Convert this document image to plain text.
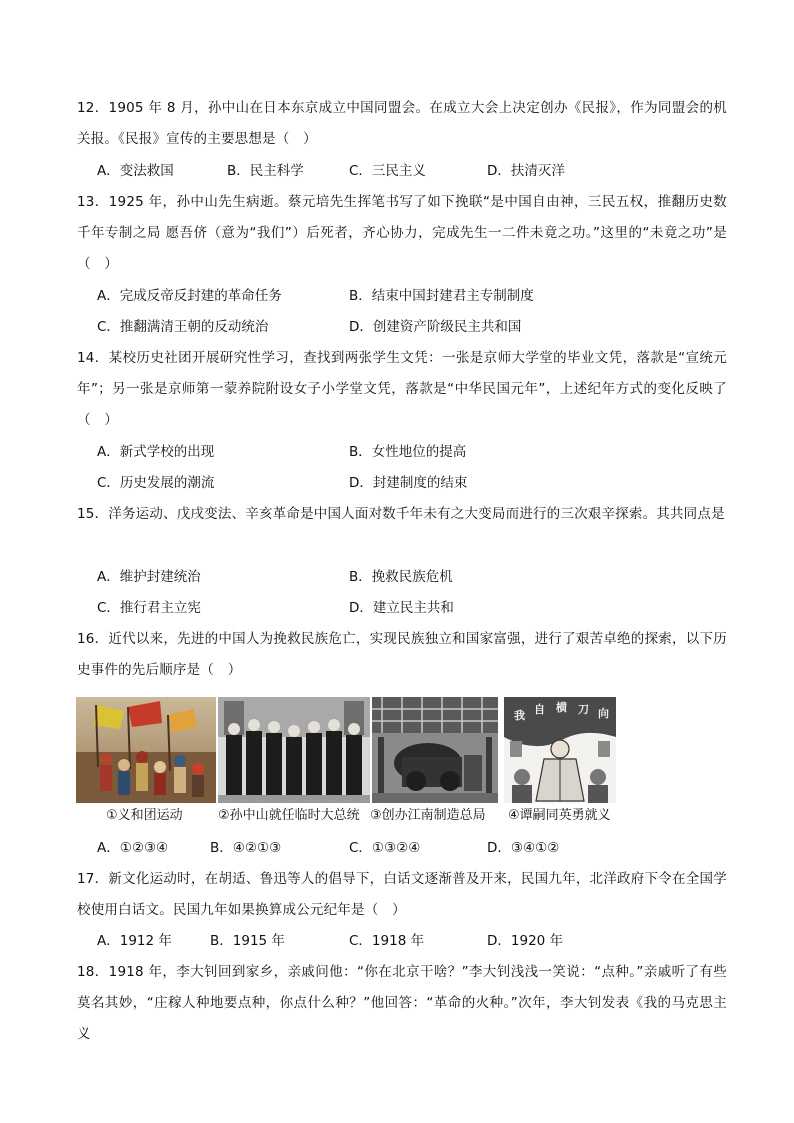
12．1905 年 8 月，孙中山在日本东京成立中国同盟会。在成立大会上决定创办《民报》，作为同盟会的机关报。《民报》宣传的主要思想是（　）

A．变法救国	B．民主科学	C．三民主义	D．扶清灭洋

13．1925 年，孙中山先生病逝。蔡元培先生挥笔书写了如下挽联“是中国自由神，三民五权，推翻历史数千年专制之局 愿吾侪（意为“我们”）后死者，齐心协力，完成先生一二件未竟之功。”这里的“未竟之功”是（　）

A．完成反帝反封建的革命任务	B．结束中国封建君主专制制度
C．推翻满清王朝的反动统治	D．创建资产阶级民主共和国

14．某校历史社团开展研究性学习，查找到两张学生文凭：一张是京师大学堂的毕业文凭，落款是“宣统元年”；另一张是京师第一蒙养院附设女子小学堂文凭，落款是“中华民国元年”，上述纪年方式的变化反映了（　）

A．新式学校的出现	B．女性地位的提高
C．历史发展的潮流	D．封建制度的结束

15．洋务运动、戊戌变法、辛亥革命是中国人面对数千年未有之大变局而进行的三次艰辛探索。其共同点是

A．维护封建统治	B．挽救民族危机
C．推行君主立宪	D．建立民主共和

16．近代以来，先进的中国人为挽救民族危亡，实现民族独立和国家富强，进行了艰苦卓绝的探索，以下历史事件的先后顺序是（　）

我 自 横 刀 向
①义和团运动	②孙中山就任临时大总统 ③创办江南制造总局 ④谭嗣同英勇就义
A．①②③④	B．④②①③	C．①③②④	D．③④①②

17．新文化运动时，在胡适、鲁迅等人的倡导下，白话文逐渐普及开来，民国九年，北洋政府下令在全国学校使用白话文。民国九年如果换算成公元纪年是（　）

A．1912 年	B．1915 年	C．1918 年	D．1920 年

18．1918 年，李大钊回到家乡，亲戚问他：“你在北京干啥？”李大钊浅浅一笑说：“点种。”亲戚听了有些莫名其妙，“庄稼人种地要点种，你点什么种？”他回答：“革命的火种。”次年，李大钊发表《我的马克思主义
